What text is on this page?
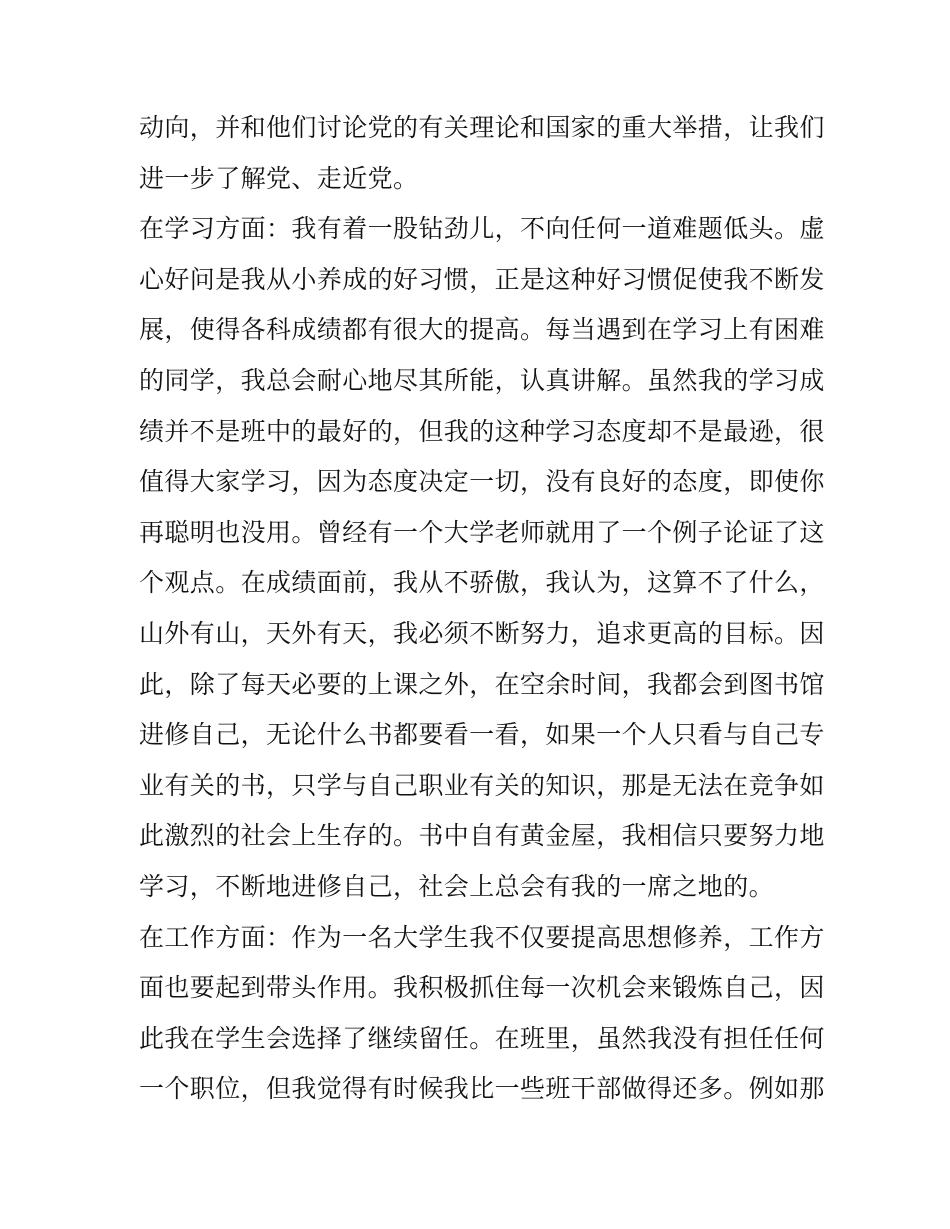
动向，并和他们讨论党的有关理论和国家的重大举措，让我们
进一步了解党、走近党。
在学习方面：我有着一股钻劲儿，不向任何一道难题低头。虚
心好问是我从小养成的好习惯，正是这种好习惯促使我不断发
展，使得各科成绩都有很大的提高。每当遇到在学习上有困难
的同学，我总会耐心地尽其所能，认真讲解。虽然我的学习成
绩并不是班中的最好的，但我的这种学习态度却不是最逊，很
值得大家学习，因为态度决定一切，没有良好的态度，即使你
再聪明也没用。曾经有一个大学老师就用了一个例子论证了这
个观点。在成绩面前，我从不骄傲，我认为，这算不了什么，
山外有山，天外有天，我必须不断努力，追求更高的目标。因
此，除了每天必要的上课之外，在空余时间，我都会到图书馆
进修自己，无论什么书都要看一看，如果一个人只看与自己专
业有关的书，只学与自己职业有关的知识，那是无法在竞争如
此激烈的社会上生存的。书中自有黄金屋，我相信只要努力地
学习，不断地进修自己，社会上总会有我的一席之地的。
在工作方面：作为一名大学生我不仅要提高思想修养，工作方
面也要起到带头作用。我积极抓住每一次机会来锻炼自己，因
此我在学生会选择了继续留任。在班里，虽然我没有担任任何
一个职位，但我觉得有时候我比一些班干部做得还多。例如那
